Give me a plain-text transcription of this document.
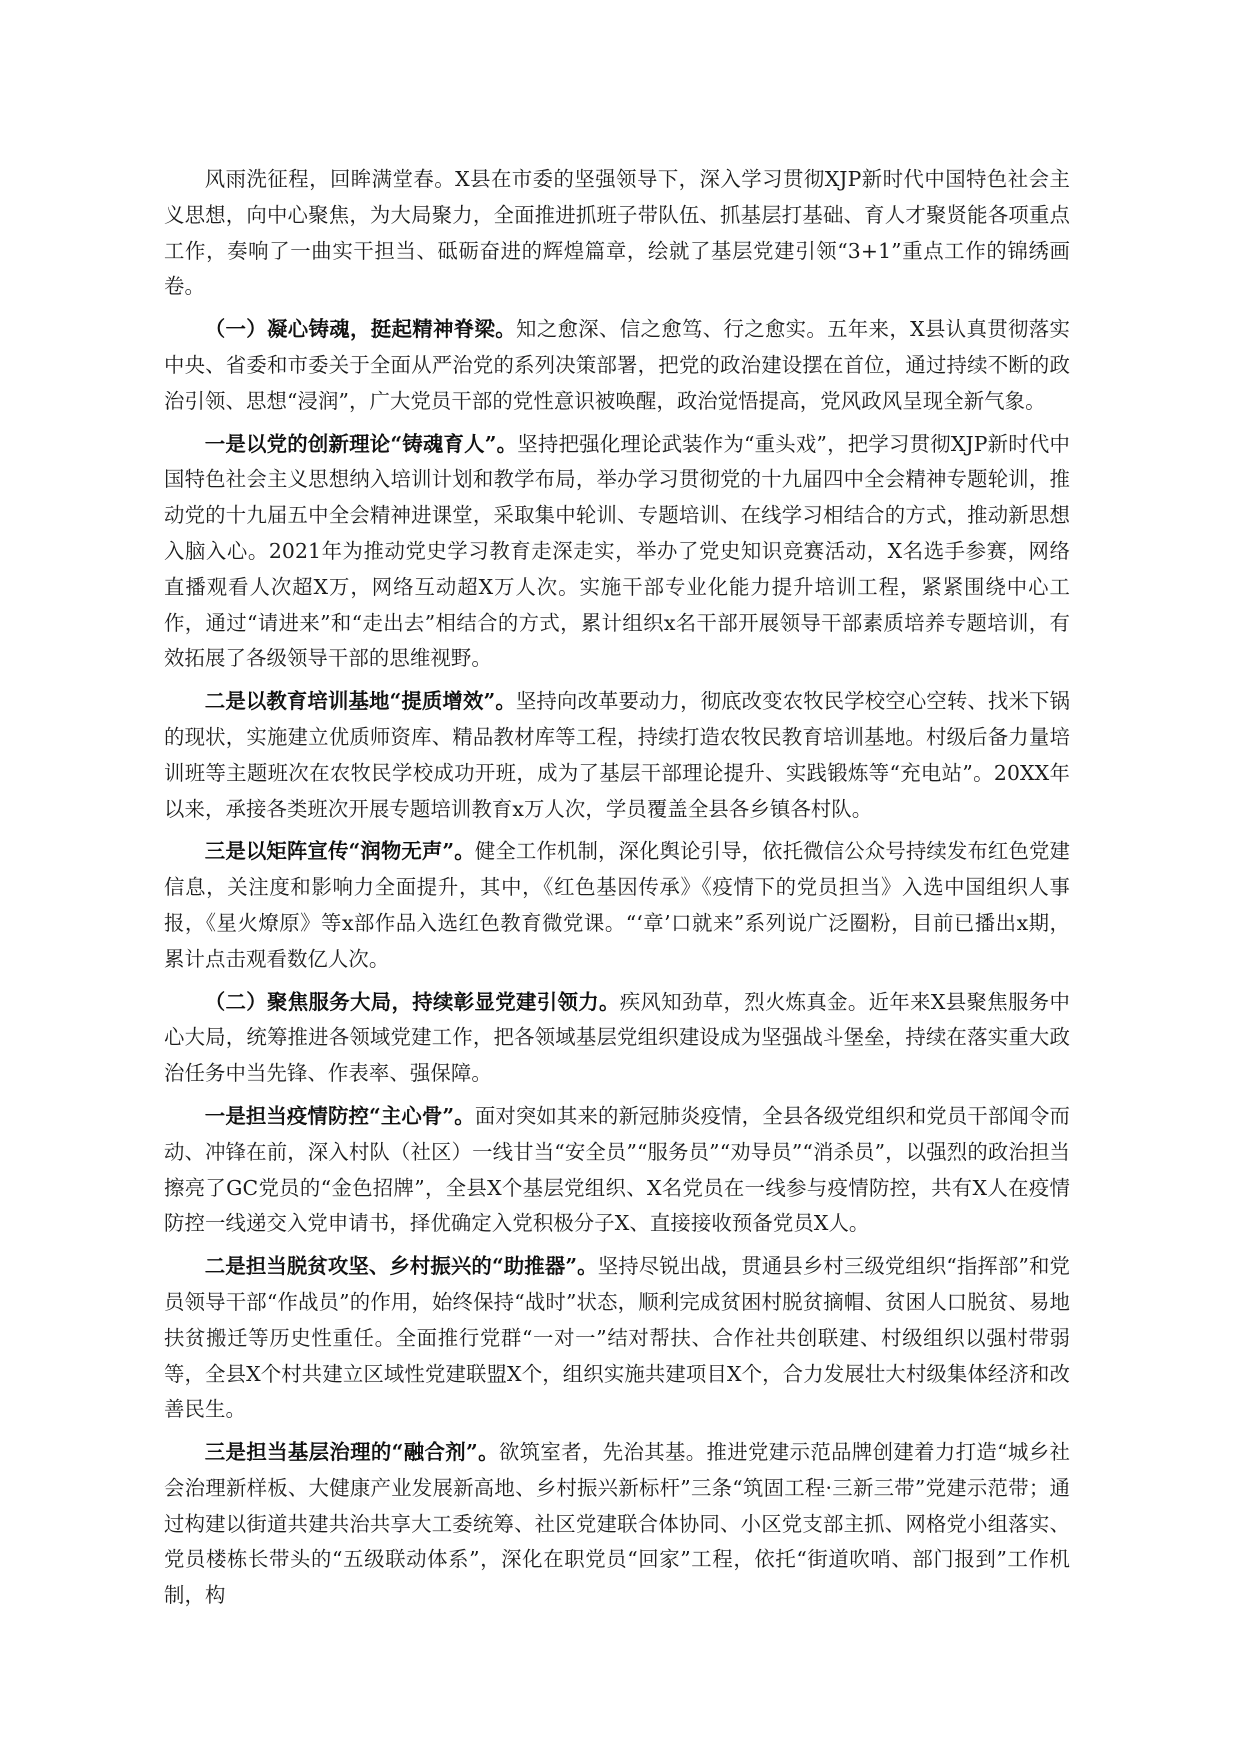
风雨洗征程，回眸满堂春。X县在市委的坚强领导下，深入学习贯彻XJP新时代中国特色社会主义思想，向中心聚焦，为大局聚力，全面推进抓班子带队伍、抓基层打基础、育人才聚贤能各项重点工作，奏响了一曲实干担当、砥砺奋进的辉煌篇章，绘就了基层党建引领“3+1”重点工作的锦绣画卷。

（一）凝心铸魂，挺起精神脊梁。知之愈深、信之愈笃、行之愈实。五年来，X县认真贯彻落实中央、省委和市委关于全面从严治党的系列决策部署，把党的政治建设摆在首位，通过持续不断的政治引领、思想“浸润”，广大党员干部的党性意识被唤醒，政治觉悟提高，党风政风呈现全新气象。

一是以党的创新理论“铸魂育人”。坚持把强化理论武装作为“重头戏”，把学习贯彻XJP新时代中国特色社会主义思想纳入培训计划和教学布局，举办学习贯彻党的十九届四中全会精神专题轮训，推动党的十九届五中全会精神进课堂，采取集中轮训、专题培训、在线学习相结合的方式，推动新思想入脑入心。2021年为推动党史学习教育走深走实，举办了党史知识竞赛活动，X名选手参赛，网络直播观看人次超X万，网络互动超X万人次。实施干部专业化能力提升培训工程，紧紧围绕中心工作，通过“请进来”和“走出去”相结合的方式，累计组织x名干部开展领导干部素质培养专题培训，有效拓展了各级领导干部的思维视野。

二是以教育培训基地“提质增效”。坚持向改革要动力，彻底改变农牧民学校空心空转、找米下锅的现状，实施建立优质师资库、精品教材库等工程，持续打造农牧民教育培训基地。村级后备力量培训班等主题班次在农牧民学校成功开班，成为了基层干部理论提升、实践锻炼等“充电站”。20XX年以来，承接各类班次开展专题培训教育x万人次，学员覆盖全县各乡镇各村队。

三是以矩阵宣传“润物无声”。健全工作机制，深化舆论引导，依托微信公众号持续发布红色党建信息，关注度和影响力全面提升，其中，《红色基因传承》《疫情下的党员担当》入选中国组织人事报，《星火燎原》等x部作品入选红色教育微党课。“‘章’口就来”系列说广泛圈粉，目前已播出x期，累计点击观看数亿人次。

（二）聚焦服务大局，持续彰显党建引领力。疾风知劲草，烈火炼真金。近年来X县聚焦服务中心大局，统筹推进各领域党建工作，把各领域基层党组织建设成为坚强战斗堡垒，持续在落实重大政治任务中当先锋、作表率、强保障。

一是担当疫情防控“主心骨”。面对突如其来的新冠肺炎疫情，全县各级党组织和党员干部闻令而动、冲锋在前，深入村队（社区）一线甘当“安全员”“服务员”“劝导员”“消杀员”，以强烈的政治担当擦亮了GC党员的“金色招牌”，全县X个基层党组织、X名党员在一线参与疫情防控，共有X人在疫情防控一线递交入党申请书，择优确定入党积极分子X、直接接收预备党员X人。

二是担当脱贫攻坚、乡村振兴的“助推器”。坚持尽锐出战，贯通县乡村三级党组织“指挥部”和党员领导干部“作战员”的作用，始终保持“战时”状态，顺利完成贫困村脱贫摘帽、贫困人口脱贫、易地扶贫搬迁等历史性重任。全面推行党群“一对一”结对帮扶、合作社共创联建、村级组织以强村带弱等，全县X个村共建立区域性党建联盟X个，组织实施共建项目X个，合力发展壮大村级集体经济和改善民生。

三是担当基层治理的“融合剂”。欲筑室者，先治其基。推进党建示范品牌创建着力打造“城乡社会治理新样板、大健康产业发展新高地、乡村振兴新标杆”三条“筑固工程·三新三带”党建示范带；通过构建以街道共建共治共享大工委统筹、社区党建联合体协同、小区党支部主抓、网格党小组落实、党员楼栋长带头的“五级联动体系”，深化在职党员“回家”工程，依托“街道吹哨、部门报到”工作机制，构
